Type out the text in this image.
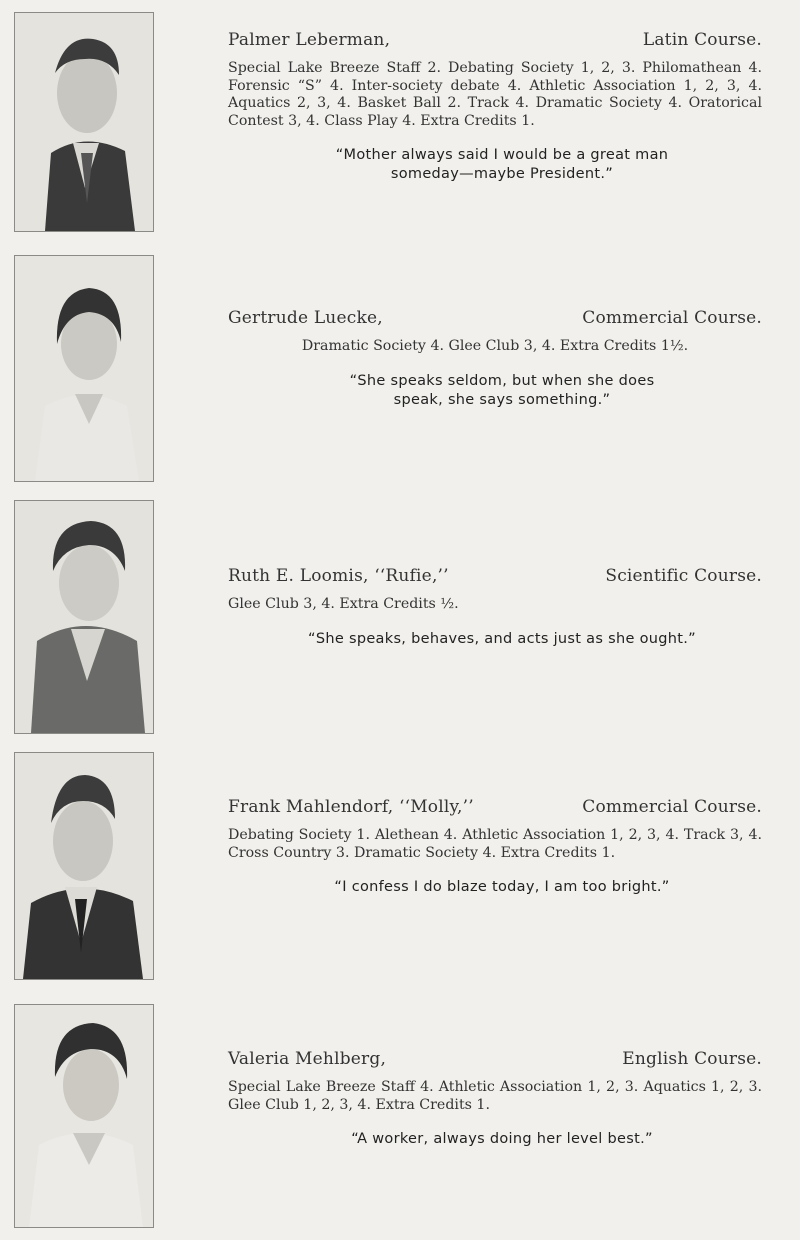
Palmer Leberman,	Latin Course.
Special Lake Breeze Staff 2. Debating Society 1, 2, 3. Philomathean 4. Forensic “S” 4. Inter-society debate 4. Athletic Association 1, 2, 3, 4. Aquatics 2, 3, 4. Basket Ball 2. Track 4. Dramatic Society 4. Oratorical Contest 3, 4. Class Play 4. Extra Credits 1.
“Mother always said I would be a great man
someday—maybe President.”
Gertrude Luecke,	Commercial Course.
Dramatic Society 4. Glee Club 3, 4. Extra Credits 1½.
“She speaks seldom, but when she does
speak, she says something.”
Ruth E. Loomis, ‘‘Rufie,’’	Scientific Course.
Glee Club 3, 4. Extra Credits ½.
“She speaks, behaves, and acts just as she ought.”
Frank Mahlendorf, ‘‘Molly,’’	Commercial Course.
Debating Society 1. Alethean 4. Athletic Association 1, 2, 3, 4. Track 3, 4. Cross Country 3. Dramatic Society 4. Extra Credits 1.
“I confess I do blaze today, I am too bright.”
Valeria Mehlberg,	English Course.
Special Lake Breeze Staff 4. Athletic Association 1, 2, 3. Aquatics 1, 2, 3. Glee Club 1, 2, 3, 4. Extra Credits 1.
“A worker, always doing her level best.”
